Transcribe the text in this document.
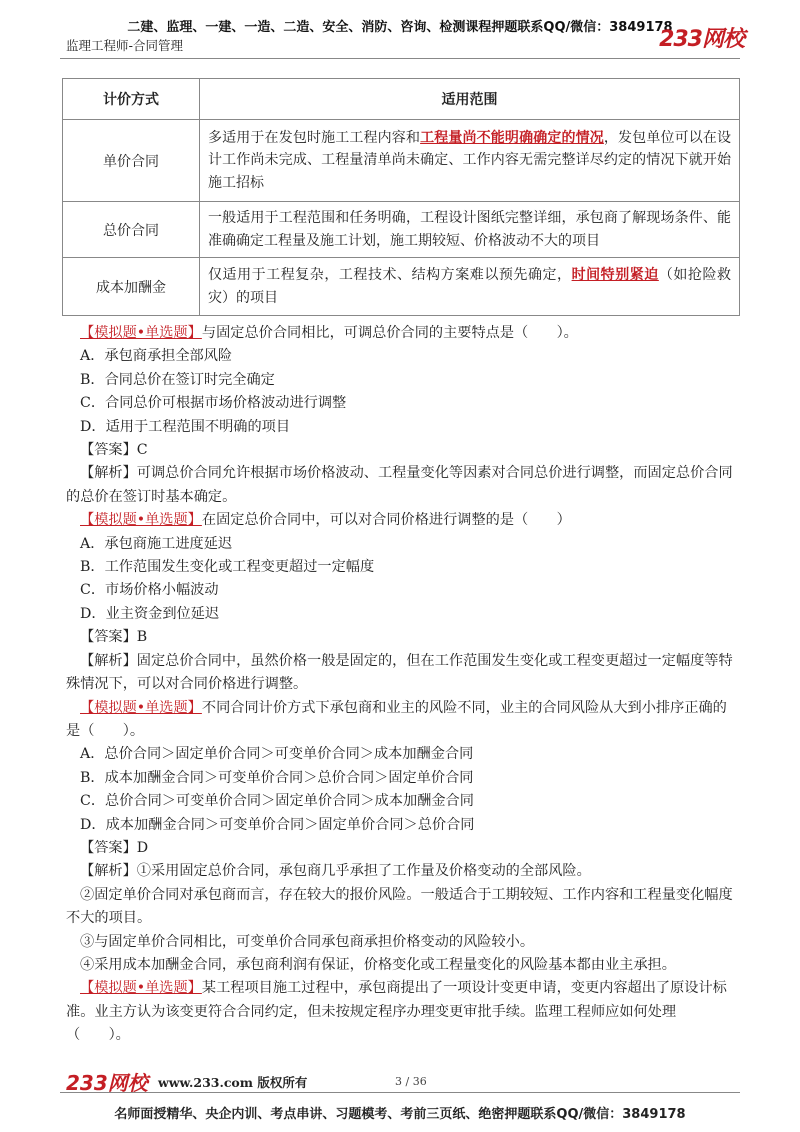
二建、监理、一建、一造、二造、安全、消防、咨询、检测课程押题联系QQ/微信：3849178
监理工程师-合同管理	233网校
计价方式	适用范围
单价合同	多适用于在发包时施工工程内容和工程量尚不能明确确定的情况，发包单位可以在设计工作尚未完成、工程量清单尚未确定、工作内容无需完整详尽约定的情况下就开始施工招标
总价合同	一般适用于工程范围和任务明确，工程设计图纸完整详细，承包商了解现场条件、能准确确定工程量及施工计划，施工期较短、价格波动不大的项目
成本加酬金	仅适用于工程复杂，工程技术、结构方案难以预先确定，时间特别紧迫（如抢险救灾）的项目

【模拟题•单选题】与固定总价合同相比，可调总价合同的主要特点是（　　）。

A．承包商承担全部风险

B．合同总价在签订时完全确定

C．合同总价可根据市场价格波动进行调整

D．适用于工程范围不明确的项目

【答案】C

【解析】可调总价合同允许根据市场价格波动、工程量变化等因素对合同总价进行调整，而固定总价合同的总价在签订时基本确定。

【模拟题•单选题】在固定总价合同中，可以对合同价格进行调整的是（　　）

A．承包商施工进度延迟

B．工作范围发生变化或工程变更超过一定幅度

C．市场价格小幅波动

D．业主资金到位延迟

【答案】B

【解析】固定总价合同中，虽然价格一般是固定的，但在工作范围发生变化或工程变更超过一定幅度等特殊情况下，可以对合同价格进行调整。

【模拟题•单选题】不同合同计价方式下承包商和业主的风险不同，业主的合同风险从大到小排序正确的是（　　）。

A．总价合同＞固定单价合同＞可变单价合同＞成本加酬金合同

B．成本加酬金合同＞可变单价合同＞总价合同＞固定单价合同

C．总价合同＞可变单价合同＞固定单价合同＞成本加酬金合同

D．成本加酬金合同＞可变单价合同＞固定单价合同＞总价合同

【答案】D

【解析】①采用固定总价合同，承包商几乎承担了工作量及价格变动的全部风险。

②固定单价合同对承包商而言，存在较大的报价风险。一般适合于工期较短、工作内容和工程量变化幅度不大的项目。

③与固定单价合同相比，可变单价合同承包商承担价格变动的风险较小。

④采用成本加酬金合同，承包商利润有保证，价格变化或工程量变化的风险基本都由业主承担。

【模拟题•单选题】某工程项目施工过程中，承包商提出了一项设计变更申请，变更内容超出了原设计标准。业主方认为该变更符合合同约定，但未按规定程序办理变更审批手续。监理工程师应如何处理（　　）。

233网校 www.233.com 版权所有	3 / 36
名师面授精华、央企内训、考点串讲、习题模考、考前三页纸、绝密押题联系QQ/微信：3849178
